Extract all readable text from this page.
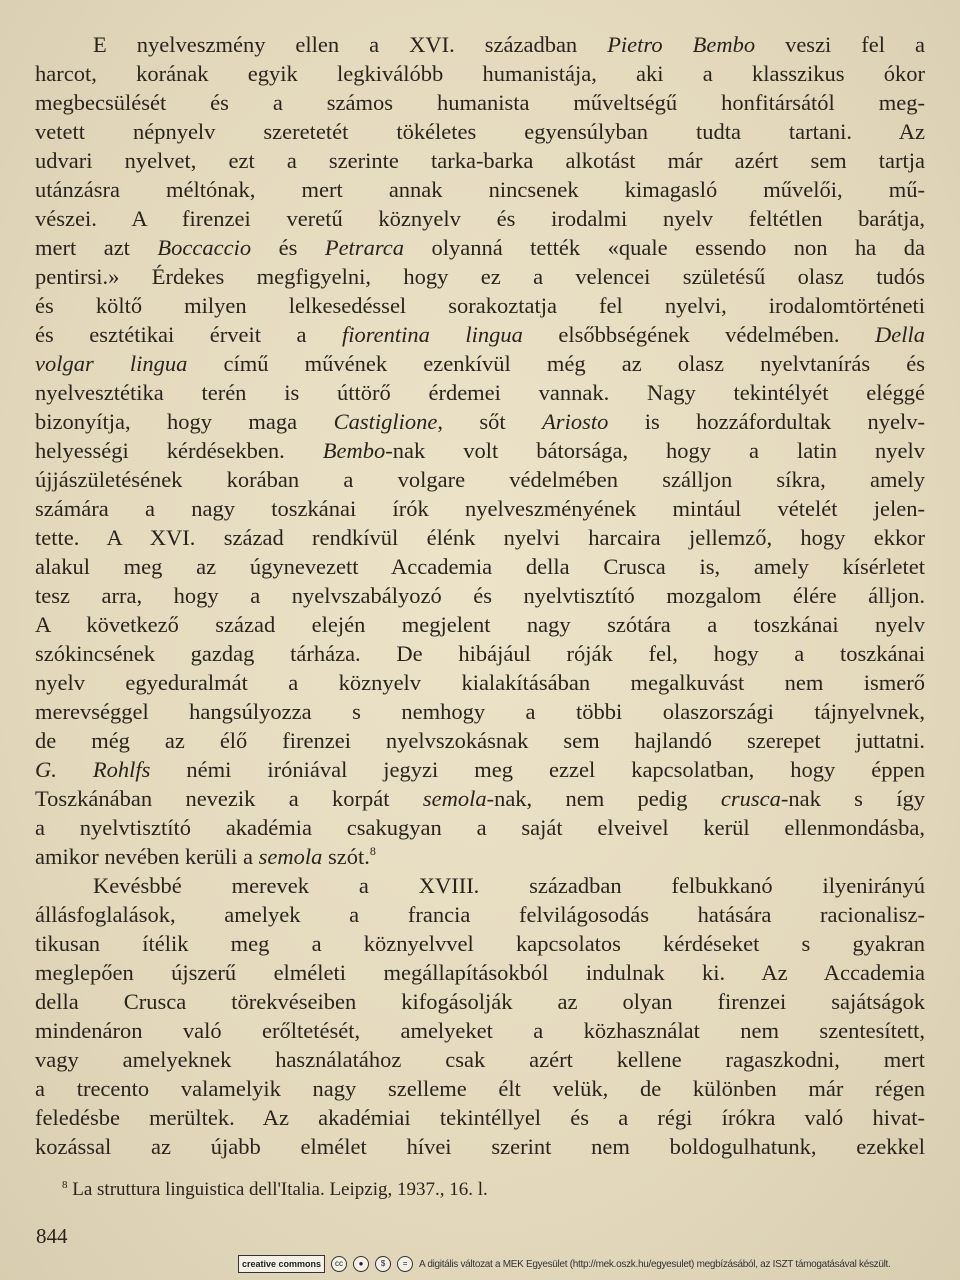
E nyelveszmény ellen a XVI. században Pietro Bembo veszi fel a
harcot, korának egyik legkiválóbb humanistája, aki a klasszikus ókor
megbecsülését és a számos humanista műveltségű honfitársától meg-
vetett népnyelv szeretetét tökéletes egyensúlyban tudta tartani. Az
udvari nyelvet, ezt a szerinte tarka-barka alkotást már azért sem tartja
utánzásra méltónak, mert annak nincsenek kimagasló művelői, mű-
vészei. A firenzei veretű köznyelv és irodalmi nyelv feltétlen barátja,
mert azt Boccaccio és Petrarca olyanná tették «quale essendo non ha da
pentirsi.» Érdekes megfigyelni, hogy ez a velencei születésű olasz tudós
és költő milyen lelkesedéssel sorakoztatja fel nyelvi, irodalomtörténeti
és esztétikai érveit a fiorentina lingua elsőbbségének védelmében. Della
volgar lingua című művének ezenkívül még az olasz nyelvtanírás és
nyelvesztétika terén is úttörő érdemei vannak. Nagy tekintélyét eléggé
bizonyítja, hogy maga Castiglione, sőt Ariosto is hozzáfordultak nyelv-
helyességi kérdésekben. Bembo-nak volt bátorsága, hogy a latin nyelv
újjászületésének korában a volgare védelmében szálljon síkra, amely
számára a nagy toszkánai írók nyelveszményének mintául vételét jelen-
tette. A XVI. század rendkívül élénk nyelvi harcaira jellemző, hogy ekkor
alakul meg az úgynevezett Accademia della Crusca is, amely kísérletet
tesz arra, hogy a nyelvszabályozó és nyelvtisztító mozgalom élére álljon.
A következő század elején megjelent nagy szótára a toszkánai nyelv
szókincsének gazdag tárháza. De hibájául róják fel, hogy a toszkánai
nyelv egyeduralmát a köznyelv kialakításában megalkuvást nem ismerő
merevséggel hangsúlyozza s nemhogy a többi olaszországi tájnyelvnek,
de még az élő firenzei nyelvszokásnak sem hajlandó szerepet juttatni.
G. Rohlfs némi iróniával jegyzi meg ezzel kapcsolatban, hogy éppen
Toszkánában nevezik a korpát semola-nak, nem pedig crusca-nak s így
a nyelvtisztító akadémia csakugyan a saját elveivel kerül ellenmondásba,
amikor nevében kerüli a semola szót.$^8$
Kevésbbé merevek a XVIII. században felbukkanó ilyenirányú
állásfoglalások, amelyek a francia felvilágosodás hatására racionalisz-
tikusan ítélik meg a köznyelvvel kapcsolatos kérdéseket s gyakran
meglepően újszerű elméleti megállapításokból indulnak ki. Az Accademia
della Crusca törekvéseiben kifogásolják az olyan firenzei sajátságok
mindenáron való erőltetését, amelyeket a közhasználat nem szentesített,
vagy amelyeknek használatához csak azért kellene ragaszkodni, mert
a trecento valamelyik nagy szelleme élt velük, de különben már régen
feledésbe merültek. Az akadémiai tekintéllyel és a régi írókra való hivat-
kozással az újabb elmélet hívei szerint nem boldogulhatunk, ezekkel
$^8$ La struttura linguistica dell'Italia. Leipzig, 1937., 16. l.
844
creative commons	cc	●	$	=	A digitális változat a MEK Egyesület (http://mek.oszk.hu/egyesulet) megbízásából, az ISZT támogatásával készült.
